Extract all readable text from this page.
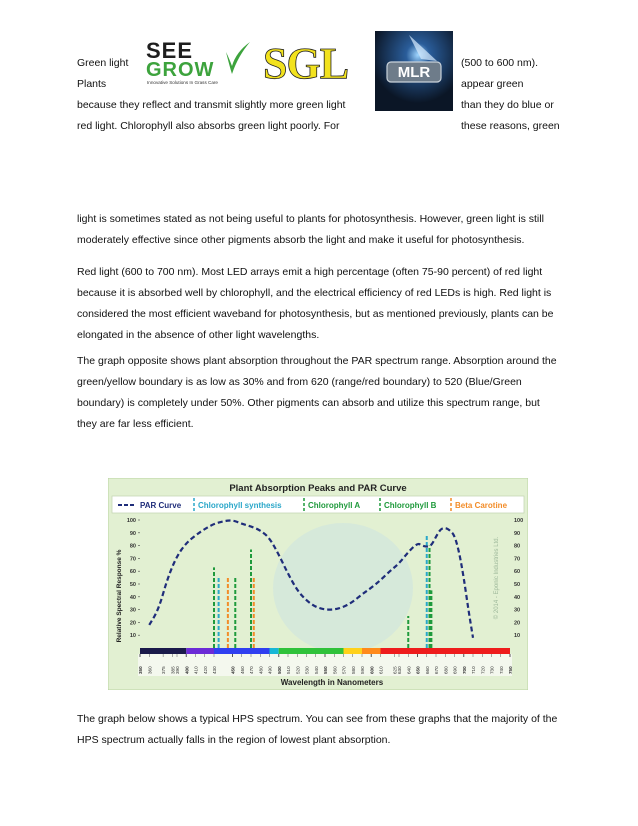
Green light
Plants
because they reflect and transmit slightly more green light
red light. Chlorophyll also absorbs green light poorly. For
(500 to 600 nm).
appear green
than they do blue or
these reasons, green
SEE
GROW
Innovative Solutions In Grass Care SGL	MLR
light is sometimes stated as not being useful to plants for photosynthesis. However, green light is still
moderately effective since other pigments absorb the light and make it useful for photosynthesis.
Red light (600 to 700 nm). Most LED arrays emit a high percentage (often 75-90 percent) of red light
because it is absorbed well by chlorophyll, and the electrical efficiency of red LEDs is high. Red light is
considered the most efficient waveband for photosynthesis, but as mentioned previously, plants can be
elongated in the absence of other light wavelengths.
The graph opposite shows plant absorption throughout the PAR spectrum range. Absorption around the
green/yellow boundary is as low as 30% and from 620 (range/red boundary) to 520 (Blue/Green
boundary) is completely under 50%. Other pigments can absorb and utilize this spectrum range, but
they are far less efficient.
Plant Absorption Peaks and PAR Curve
PAR Curve Chlorophyll synthesis	Chlorophyll A	Chlorophyll B Beta Carotine
10	10
20	20
30	30
40	40
50	50
60	60
70	70
80	80
90	90
100	100
350 360 375 385 390 400 410 420 430	450 460 470 480 490 500 510 520 530 540 550 560 570 580 590 600 610 625 630 640 650 660 670 680 690 700 710 720 730 740 750
Wavelength in Nanometers
Relative Spectral Response %	© 2014 - Eponic Industries Ltd.
The graph below shows a typical HPS spectrum. You can see from these graphs that the majority of the
HPS spectrum actually falls in the region of lowest plant absorption.
